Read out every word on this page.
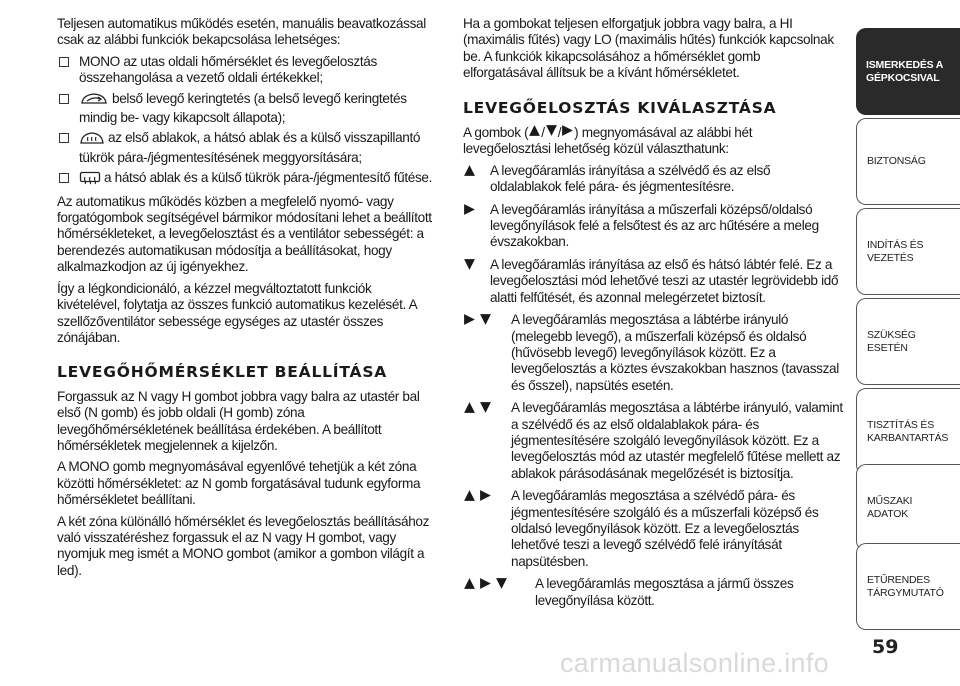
Teljesen automatikus működés esetén, manuális beavatkozással csak az alábbi funkciók bekapcsolása lehetséges:

MONO az utas oldali hőmérséklet és levegőelosztás összehangolása a vezető oldali értékekkel;
belső levegő keringtetés (a belső levegő keringtetés mindig be- vagy kikapcsolt állapota);
az első ablakok, a hátsó ablak és a külső visszapillantó tükrök pára-/jégmentesítésének meggyorsítására;
a hátsó ablak és a külső tükrök pára-/jégmentesítő fűtése.

Az automatikus működés közben a megfelelő nyomó- vagy forgatógombok segítségével bármikor módosítani lehet a beállított hőmérsékleteket, a levegőelosztást és a ventilátor sebességét: a berendezés automatikusan módosítja a beállításokat, hogy alkalmazkodjon az új igényekhez.

Így a légkondicionáló, a kézzel megváltoztatott funkciók kivételével, folytatja az összes funkció automatikus kezelését. A szellőzőventilátor sebessége egységes az utastér összes zónájában.

LEVEGŐHŐMÉRSÉKLET BEÁLLÍTÁSA

Forgassuk az N vagy H gombot jobbra vagy balra az utastér bal első (N gomb) és jobb oldali (H gomb) zóna levegőhőmérsékletének beállítása érdekében. A beállított hőmérsékletek megjelennek a kijelzőn.

A MONO gomb megnyomásával egyenlővé tehetjük a két zóna közötti hőmérsékletet: az N gomb forgatásával tudunk egyforma hőmérsékletet beállítani.

A két zóna különálló hőmérséklet és levegőelosztás beállításához való visszatéréshez forgassuk el az N vagy H gombot, vagy nyomjuk meg ismét a MONO gombot (amikor a gombon világít a led).

Ha a gombokat teljesen elforgatjuk jobbra vagy balra, a HI (maximális fűtés) vagy LO (maximális hűtés) funkciók kapcsolnak be. A funkciók kikapcsolásához a hőmérséklet gomb elforgatásával állítsuk be a kívánt hőmérsékletet.

LEVEGŐELOSZTÁS KIVÁLASZTÁSA

A gombok ( / / ) megnyomásával az alábbi hét levegőelosztási lehetőség közül választhatunk:

A levegőáramlás irányítása a szélvédő és az első oldalablakok felé pára- és jégmentesítésre.
A levegőáramlás irányítása a műszerfali középső/oldalsó levegőnyílások felé a felsőtest és az arc hűtésére a meleg évszakokban.
A levegőáramlás irányítása az első és hátsó lábtér felé. Ez a levegőelosztási mód lehetővé teszi az utastér legrövidebb idő alatti felfűtését, és azonnal melegérzetet biztosít.
A levegőáramlás megosztása a lábtérbe irányuló (melegebb levegő), a műszerfali középső és oldalsó (hűvösebb levegő) levegőnyílások között. Ez a levegőelosztás a köztes évszakokban hasznos (tavasszal és ősszel), napsütés esetén.
A levegőáramlás megosztása a lábtérbe irányuló, valamint a szélvédő és az első oldalablakok pára- és jégmentesítésére szolgáló levegőnyílások között. Ez a levegőelosztás mód az utastér megfelelő fűtése mellett az ablakok párásodásának megelőzését is biztosítja.
A levegőáramlás megosztása a szélvédő pára- és jégmentesítésére szolgáló és a műszerfali középső és oldalsó levegőnyílások között. Ez a levegőelosztás lehetővé teszi a levegő szélvédő felé irányítását napsütésben.
A levegőáramlás megosztása a jármű összes levegőnyílása között.
ISMERKEDÉS A GÉPKOCSIVAL
BIZTONSÁG
INDÍTÁS ÉS VEZETÉS
SZÜKSÉG ESETÉN
TISZTÍTÁS ÉS KARBANTARTÁS
MŰSZAKI ADATOK
ETŰRENDES TÁRGYMUTATÓ
59
carmanualsonline.info
